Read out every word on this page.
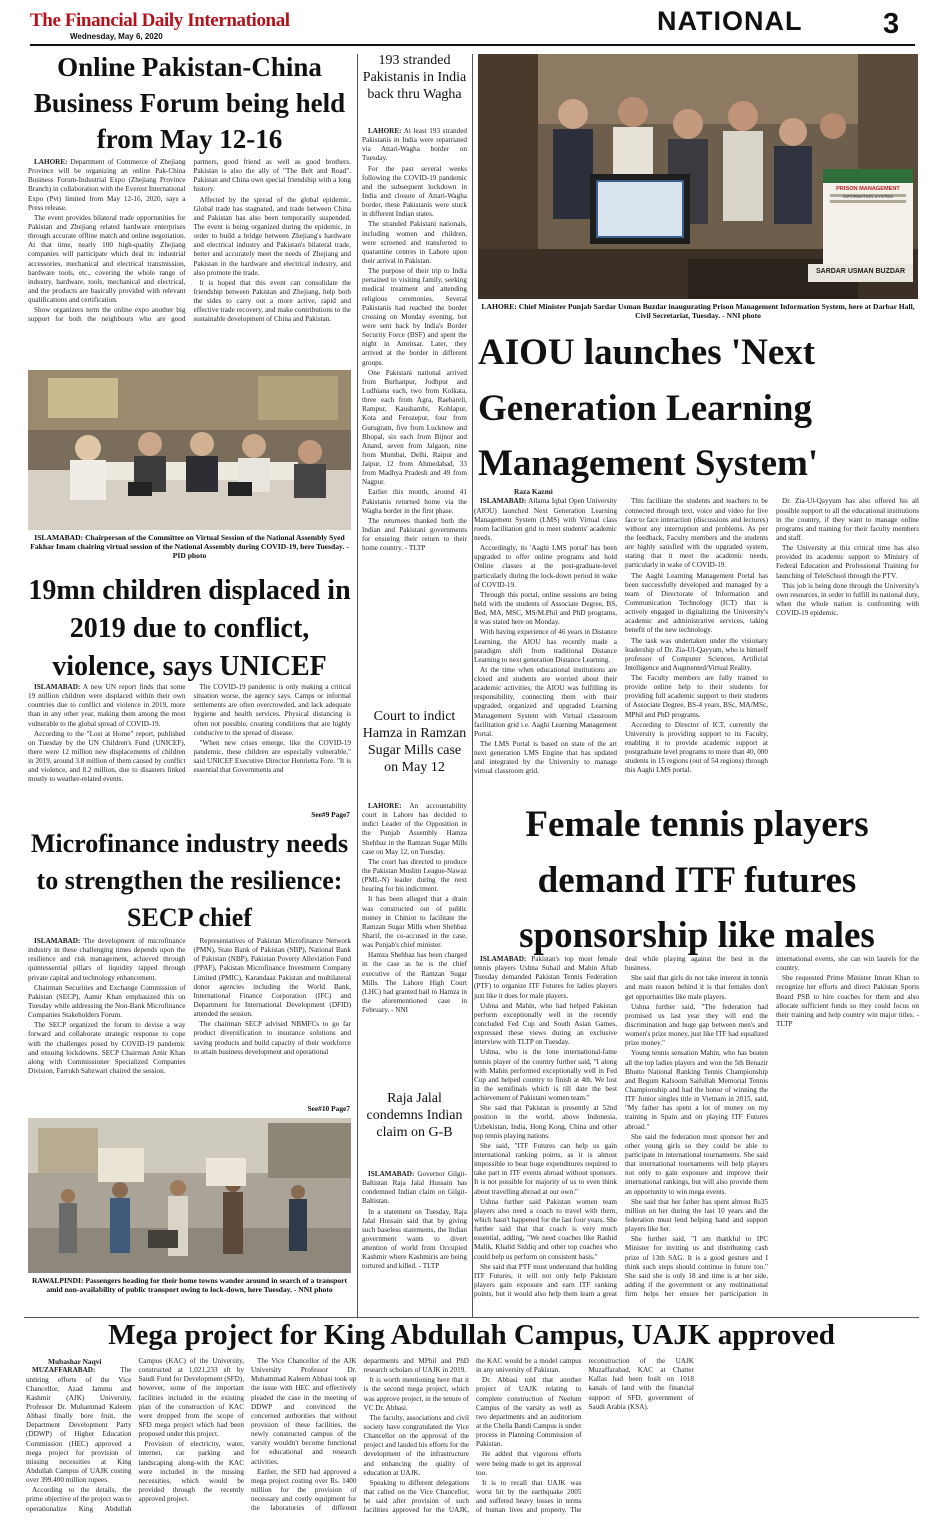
The Financial Daily International
Wednesday, May 6, 2020
NATIONAL	3
Online Pakistan-China Business Forum being held from May 12-16

LAHORE: Department of Commerce of Zhejiang Province will be organizing an online Pak-China Business Forum-Industrial Expo (Zhejiang Province Branch) in collaboration with the Everest International Expo (Pvt) limited from May 12-16, 2020, says a Press release.

The event provides bilateral trade opportunities for Pakistan and Zhejiang related hardware enterprises through accurate offline match and online negotiation. At that time, nearly 100 high-quality Zhejiang companies will participate which deal in: industrial accessories, mechanical and electrical transmission, hardware tools, etc., covering the whole range of industry, hardware, tools, mechanical and electrical, and the products are basically provided with relevant qualifications and certification.

Show organizers term the online expo another big support for both the neighbours who are good partners, good friend as well as good brothers. Pakistan is also the ally of "The Belt and Road". Pakistan and China own special friendship with a long history.

Affected by the spread of the global epidemic, Global trade has stagnated, and trade between China and Pakistan has also been temporarily suspended. The event is being organized during the epidemic, in order to build a bridge between Zhejiang's hardware and electrical industry and Pakistan's bilateral trade, better and accurately meet the needs of Zhejiang and Pakistan in the hardware and electrical industry, and also promote the trade.

It is hoped that this event can consolidate the friendship between Pakistan and Zhejiang, help both the sides to carry out a more active, rapid and effective trade recovery, and make contributions to the sustainable development of China and Pakistan.

ISLAMABAD: Chairperson of the Committee on Virtual Session of the National Assembly Syed Fakhar Imam chairing virtual session of the National Assembly during COVID-19, here Tuesday. - PID photo
19mn children displaced in 2019 due to conflict, violence, says UNICEF

ISLAMABAD: A new UN report finds that some 19 million children were displaced within their own countries due to conflict and violence in 2019, more than in any other year, making them among the most vulnerable to the global spread of COVID-19.

According to the "Lost at Home" report, published on Tuesday by the UN Children's Fund (UNICEF), there were 12 million new displacements of children in 2019, around 3.8 million of them caused by conflict and violence, and 8.2 million, due to disasters linked mostly to weather-related events.

The COVID-19 pandemic is only making a critical situation worse, the agency says. Camps or informal settlements are often overcrowded, and lack adequate hygiene and health services. Physical distancing is often not possible, creating conditions that are highly conducive to the spread of disease.

"When new crises emerge, like the COVID-19 pandemic, these children are especially vulnerable," said UNICEF Executive Director Henrietta Fore. "It is essential that Governments and

See#9 Page7
Microfinance industry needs to strengthen the resilience: SECP chief

ISLAMABAD: The development of microfinance industry in these challenging times depends upon the resilience and risk management, achieved through quintessential pillars of liquidity tapped through private capital and technology enhancement.

Chairman Securities and Exchange Commission of Pakistan (SECP), Aamir Khan emphasized this on Tuesday while addressing the Non-Bank Microfinance Companies Stakeholders Forum.

The SECP organized the forum to devise a way forward and collaborate strategic response to cope with the challenges posed by COVID-19 pandemic and ensuing lockdowns. SECP Chairman Amir Khan along with Commissioner Specialized Companies Division, Farrukh Sabzwari chaired the session.

Representatives of Pakistan Microfinance Network (PMN), State Bank of Pakistan (SBP), National Bank of Pakistan (NBP), Pakistan Poverty Alleviation Fund (PPAF), Pakistan Microfinance Investment Company Limited (PMIC), Karandaaz Pakistan and multilateral donor agencies including the World Bank, International Finance Corporation (IFC) and Department for International Development (DFID) attended the session.

The chairman SECP advised NBMFCs to go far product diversification to insurance solutions and saving products and build capacity of their workforce to attain business development and operational

See#10 Page7
RAWALPINDI: Passengers heading for their home towns wander around in search of a transport amid non-availability of public transport owing to lock-down, here Tuesday. - NNI photo
193 stranded Pakistanis in India back thru Wagha

LAHORE: At least 193 stranded Pakistanis in India were repatriated via Attari-Wagha border on Tuesday.

For the past several weeks following the COVID-19 pandemic and the subsequent lockdown in India and closure of Attari-Wagha border, these Pakistanis were stuck in different Indian states.

The stranded Pakistani nationals, including women and children, were screened and transferred to quarantine centres in Lahore upon their arrival in Pakistan.

The purpose of their trip to India pertained to visiting family, seeking medical treatment and attending religious ceremonies. Several Pakistanis had reached the border crossing on Monday evening, but were sent back by India's Border Security Force (BSF) and spent the night in Amritsar. Later, they arrived at the border in different groups.

One Pakistani national arrived from Burhanpur, Jodhpur and Ludhiana each, two from Kolkata, three each from Agra, Raebareli, Rampur, Kaushambi, Kohlapur, Kota and Ferozepur, four from Gurugram, five from Lucknow and Bhopal, six each from Bijnor and Anand, seven from Jalgaon, nine from Mumbai, Delhi, Raipur and Jaipur, 12 from Ahmedabad, 33 from Madhya Pradesh and 49 from Nagpur.

Earlier this month, around 41 Pakistanis returned home via the Wagha border in the first phase.

The returnees thanked both the Indian and Pakistani governments for ensuring their return to their home country. - TLTP

Court to indict Hamza in Ramzan Sugar Mills case on May 12

LAHORE: An accountability court in Lahore has decided to indict Leader of the Opposition in the Punjab Assembly Hamza Shehbaz in the Ramzan Sugar Mills case on May 12, on Tuesday.

The court has directed to produce the Pakistan Muslim League-Nawaz (PML-N) leader during the next hearing for his indictment.

It has been alleged that a drain was constructed out of public money in Chiniot to facilitate the Ramzan Sugar Mills when Shehbaz Sharif, the co-accused in the case, was Punjab's chief minister.

Hamza Shehbaz has been charged in the case as he is the chief executive of the Ramzan Sugar Mills. The Lahore High Court (LHC) had granted bail to Hamza in the aforementioned case in February. - NNI

Raja Jalal condemns Indian claim on G-B

ISLAMABAD: Governor Gilgit-Baltistan Raja Jalal Hussain has condemned Indian claim on Gilgit-Baltistan.

In a statement on Tuesday, Raja Jalal Hussain said that by giving such baseless statements, the Indian government wants to divert attention of world from Occupied Kashmir where Kashmiris are being tortured and killed. - TLTP

PRISON MANAGEMENT
INFORMATION SYSTEM
SARDAR USMAN BUZDAR
LAHORE: Chief Minister Punjab Sardar Usman Buzdar inaugurating Prison Management Information System, here at Darbar Hall, Civil Secretariat, Tuesday. - NNI photo
AIOU launches 'Next Generation Learning Management System'
Raza Kazmi

ISLAMABAD: Allama Iqbal Open University (AIOU) launched Next Generation Learning Management System (LMS) with Virtual class room facilitation grid to meet students' academic needs.

Accordingly, its 'Aaghi LMS portal' has been upgraded to offer online programs and hold Online classes at the post-graduate-level particularly during the lock-down period in wake of COVID-19.

Through this portal, online sessions are being held with the students of Associate Degree, BS, Bed, MA, MSC, MS/M.Phil and PhD programs, it was stated here on Monday.

With having experience of 46 years in Distance Learning, the AIOU has recently made a paradigm shift from traditional Distance Learning to next generation Distance Learning.

At the time when educational institutions are closed and students are worried about their academic activities, the AIOU was fulfilling its responsibility, connecting them with their upgraded, organized and upgraded Learning Management System with Virtual classroom facilitation grid i.e. Aaghi Learning Management Portal.

The LMS Portal is based on state of the art next generation LMS Engine that has updated and integrated by the University to manage virtual classroom grid.

This facilitate the students and teachers to be connected through text, voice and video for live face to face interaction (discussions and lectures) without any interruption and problems. As per the feedback, Faculty members and the students are highly satisfied with the upgraded system, stating that it meet the academic needs, particularly in wake of COVID-19.

The Aaghi Learning Management Portal has been successfully developed and managed by a team of Directorate of Information and Communication Technology (ICT) that is actively engaged in digitalizing the University's academic and administrative services, taking benefit of the new technology.

The task was undertaken under the visionary leadership of Dr. Zia-Ul-Qayyum, who is himself professor of Computer Sciences, Artificial Intelligence and Augmented/Virtual Reality.

The Faculty members are fully trained to provide online help to their students for providing full academic support to their students of Associate Degree, BS-4 years, BSc, MA/MSc, MPhil and PhD programs.

According to Director of ICT, currently the University is providing support to its Faculty, enabling it to provide academic support at postgraduate level programs to more than 40, 000 students in 15 regions (out of 54 regions) through this Aaghi LMS portal.

Dr. Zia-Ul-Qayyum has also offered his all possible support to all the educational institutions in the country, if they want to manage online programs and training for their faculty members and staff.

The University at this critical time has also provided its academic support to Ministry of Federal Education and Professional Training for launching of TeleSchool through the PTV.

This job is being done through the University's own resources, in order to fulfill its national duty, when the whole nation is confronting with COVID-19 epidemic.

Female tennis players demand ITF futures sponsorship like males

ISLAMABAD: Pakistan's top most female tennis players Ushna Suhail and Mahin Aftab Tuesday demanded Pakistan Tennis Federation (PTF) to organize ITF Futures for ladies players just like it does for male players.

Ushna and Mahin, who had helped Pakistan perform exceptionally well in the recently concluded Fed Cup and South Asian Games, expressed these views during an exclusive interview with TLTP on Tuesday.

Ushna, who is the lone international-fame tennis player of the country further said, "I along with Mahin performed exceptionally well in Fed Cup and helped country to finish at 4th. We lost in the semifinals which is till date the best achievement of Pakistani women team."

She said that Pakistan is presently at 52nd position in the world, above Indonesia, Uzbekistan, India, Hong Kong, China and other top tennis playing nations.

She said, "ITF Futures can help us gain international ranking points, as it is almost impossible to bear huge expenditures required to take part in ITF events abroad without sponsors. It is not possible for majority of us to even think about travelling abroad at our own."

Ushna further said Pakistan women team players also need a coach to travel with them, which hasn't happened for the last four years. She further said that that coach is very much essential, adding, "We need coaches like Rashid Malik, Khalid Siddiq and other top coaches who could help us perform on consistent basis."

She said that PTF must understand that holding ITF Futures, it will not only help Pakistani players gain exposure and earn ITF ranking points, but it would also help them learn a great deal while playing against the best in the business.

She said that girls do not take interest in tennis and main reason behind it is that females don't get opportunities like male players.

Ushna further said, "The federation had promised us last year they will end the discrimination and huge gap between men's and women's prize money, just like ITF had equalized prize money."

Young tennis sensation Mahin, who has beaten all the top ladies players and won the 5th Benazir Bhutto National Ranking Tennis Championship and Begum Kalsoom Saifullah Memorial Tennis Championship and had the honor of winning the ITF Junior singles title in Vietnam in 2015, said, "My father has spent a lot of money on my training in Spain and on playing ITF Futures abroad."

She said the federation must sponsor her and other young girls so they could be able to participate in international tournaments. She said that international tournaments will help players not only to gain exposure and improve their international rankings, but will also provide them an opportunity to win mega events.

She said that her father has spent almost Rs35 million on her during the last 10 years and the federation must lend helping hand and support players like her.

She further said, "I am thankful to IPC Minister for inviting us and distributing cash prize of 13th SAG. It is a good gesture and I think such steps should continue in future too." She said she is only 18 and time is at her side, adding if the government or any multinational firm helps her ensure her participation in international events, she can win laurels for the country.

She requested Prime Minister Imran Khan to recognize her efforts and direct Pakistan Sports Board PSB to hire coaches for them and also allocate sufficient funds so they could focus on their training and help country win major titles. - TLTP

Mega project for King Abdullah Campus, UAJK approved
Mubashar Naqvi

MUZAFFARABAD:	The untiring efforts of the Vice Chancellor, Azad Jammu and Kashmir (AJK) University, Professor Dr. Muhammad Kaleem Abbasi finally bore fruit, the Department Development Party (DDWP) of Higher Education Commission (HEC) approved a mega project for provision of missing necessities at King Abdullah Campus of UAJK costing over 399.400 million rupees.

According to the details, the prime objective of the project was to operationalize King Abdullah Campus (KAC) of the University, constructed at 1,021,233 sft by Saudi Fund for Development (SFD), however, some of the important facilities included in the existing plan of the construction of KAC were dropped from the scope of SFD mega project which had been proposed under this project.

Provision of electricity, water, internet, car parking and landscaping along-with the KAC were included in the missing necessities, which would be provided through the recently approved project.

The Vice Chancellor of the AJK University Professor Dr. Muhammad Kaleem Abbasi took up the issue with HEC and effectively pleaded the case in the meeting of DDWP and convinced the concerned authorities that without provision of these facilities, the newly constructed campus of the varsity wouldn't become functional for educational and research activities.

Earlier, the SFD had approved a mega project costing over Rs. 1400 million for the provision of necessary and costly equipment for the laboratories of different departments and MPhil and PhD research scholars of UAJK in 2019.

It is worth mentioning here that it is the second mega project, which was approve project, in the tenure of VC Dr. Abbasi.

The faculty, associations and civil society have congratulated the Vice Chancellor on the approval of the project and lauded his efforts for the development of the infrastructure and enhancing the quality of education at UAJK.

Speaking to different delegations that called on the Vice Chancellor, he said after provision of such facilities approved for the UAJK, the KAC would be a model campus in any university of Pakistan.

Dr. Abbasi told that another project of UAJK relating to complete construction of Neelum Campus of the varsity as well as two departments and an auditorium at the Chella Bandi Campus is under process in Planning Commission of Pakistan.

He added that vigorous efforts were being made to get its approval too.

It is to recall that UAJK was worst hit by the earthquake 2005 and suffered heavy losses in terms of human lives and property. The reconstruction of the UAJK Muzaffarabad, KAC at Chatter Kallas had been built on 1018 kanals of land with the financial support of SFD, government of Saudi Arabia (KSA).
